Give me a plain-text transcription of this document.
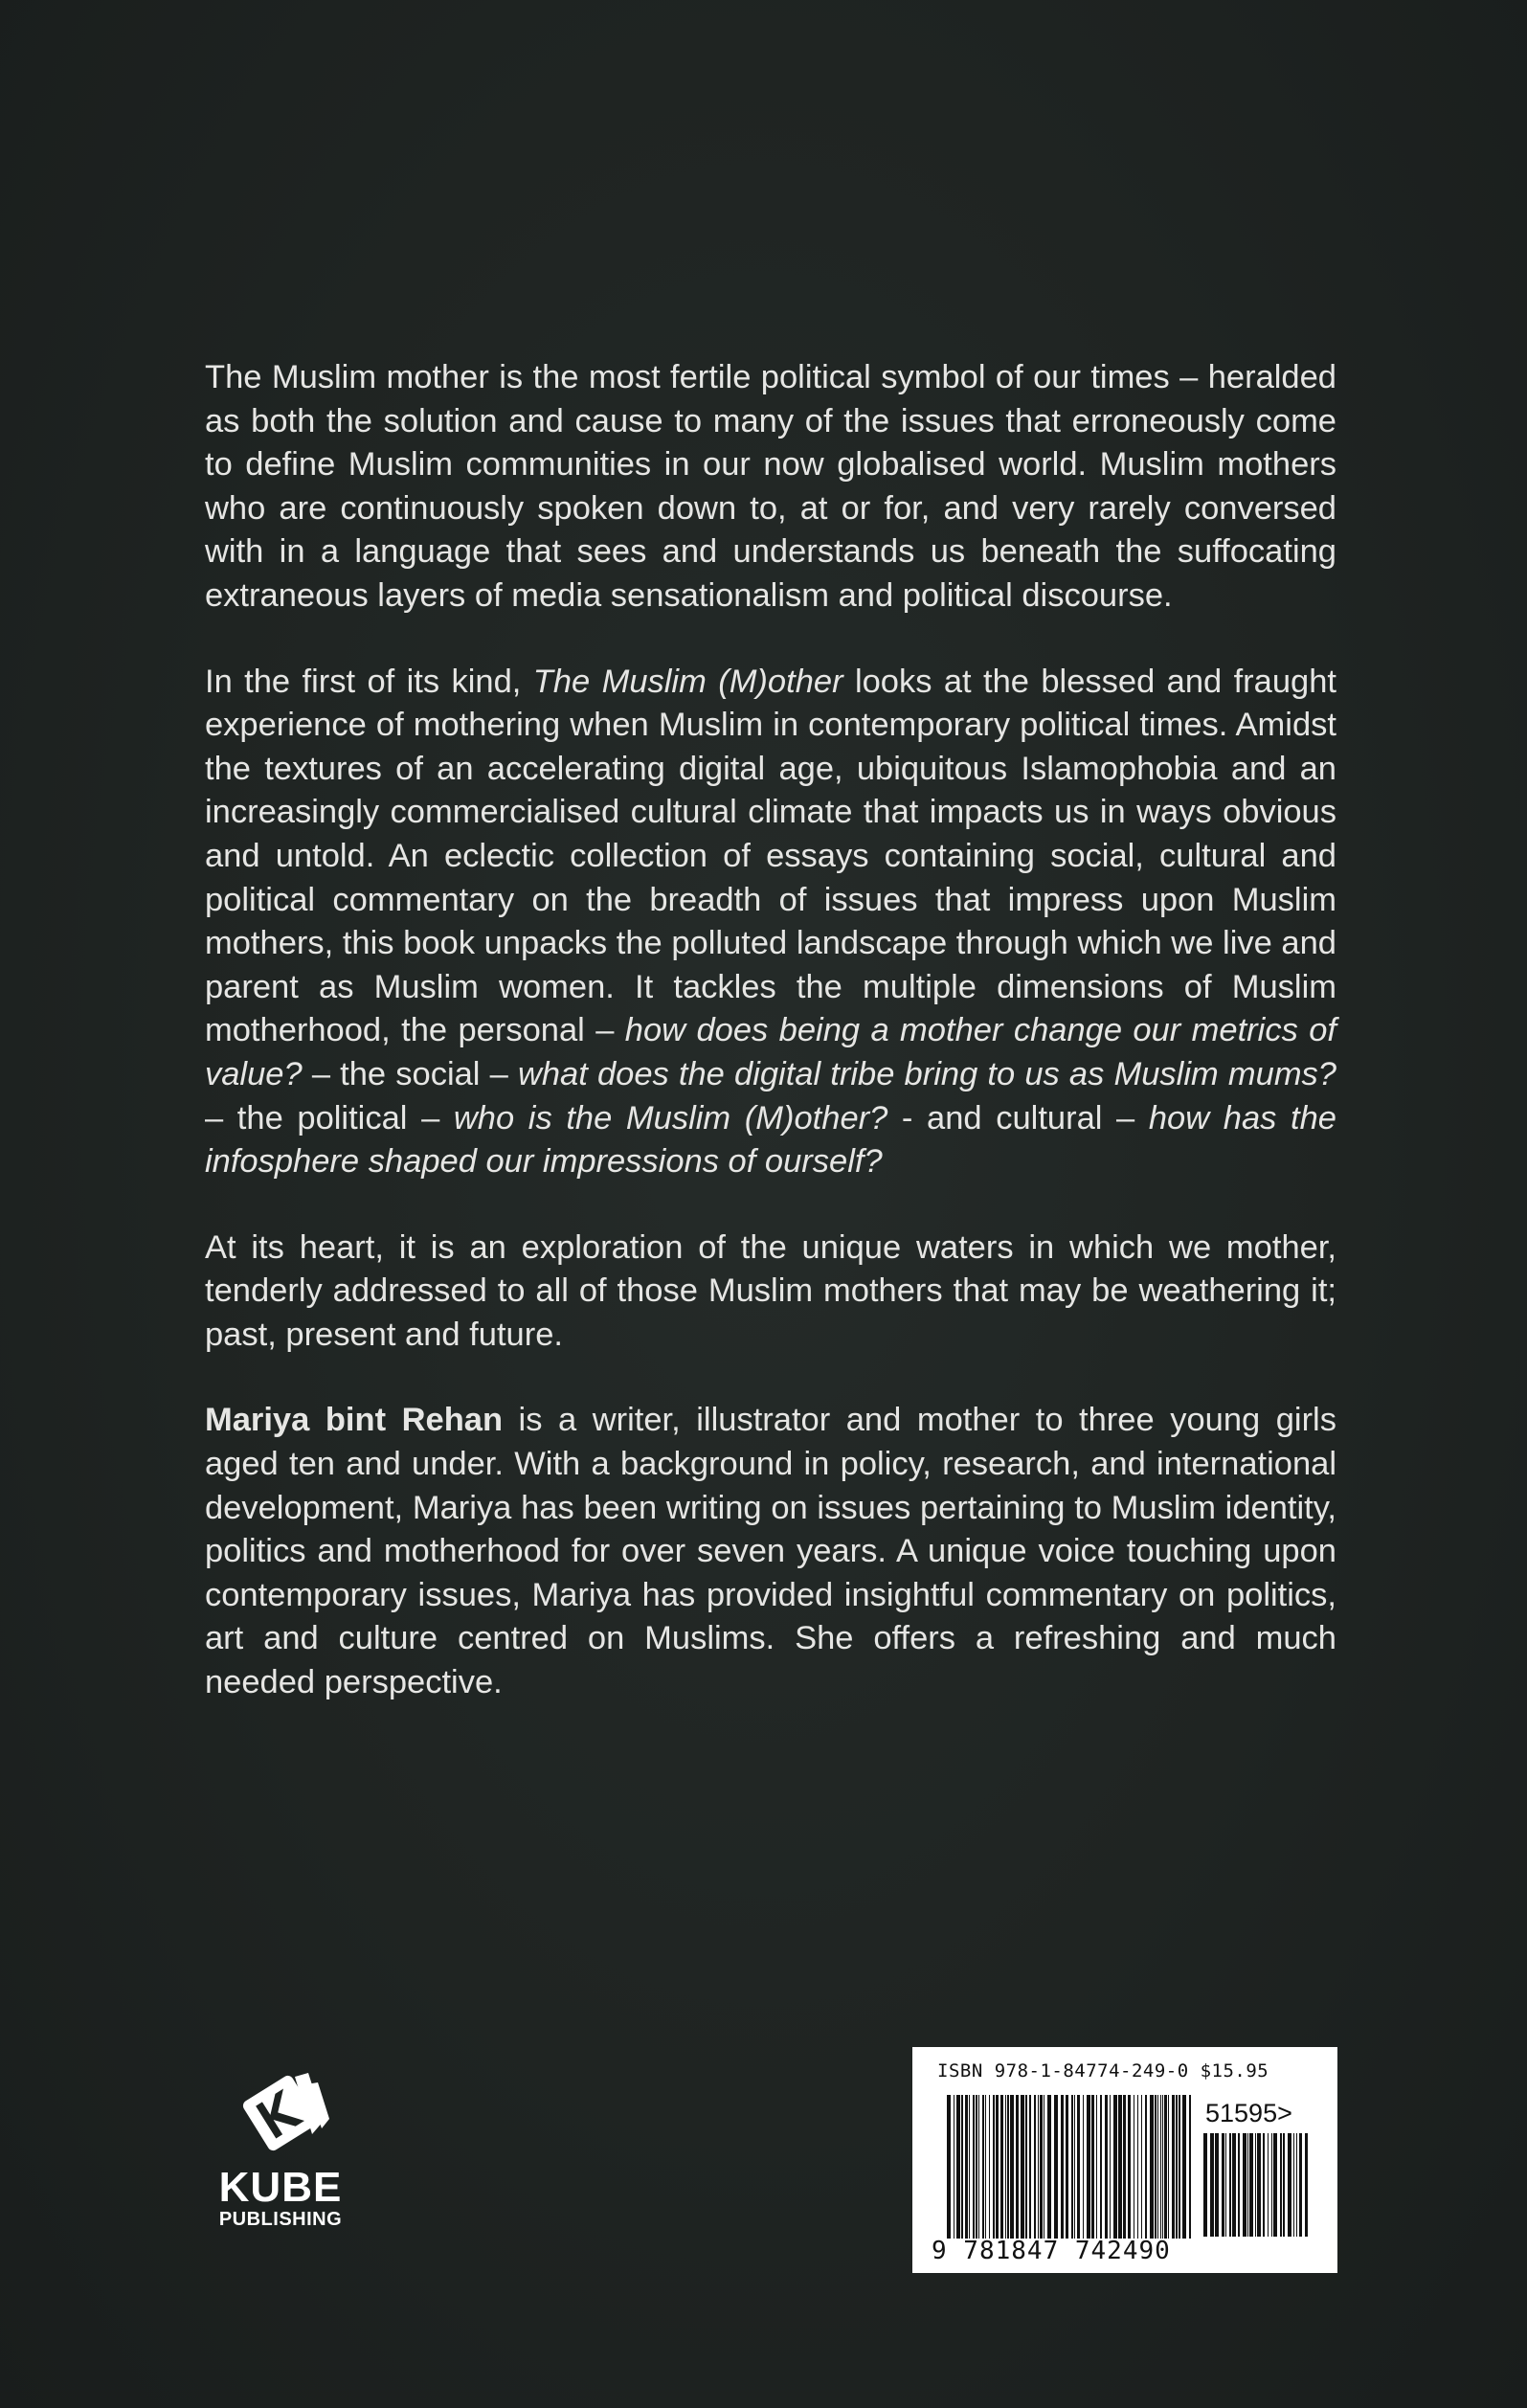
The Muslim mother is the most fertile political symbol of our times – heralded as both the solution and cause to many of the issues that erroneously come to define Muslim communities in our now globalised world. Muslim mothers who are continuously spoken down to, at or for, and very rarely conversed with in a language that sees and understands us beneath the suffocating extraneous layers of media sensationalism and political discourse.

In the first of its kind, The Muslim (M)other looks at the blessed and fraught experience of mothering when Muslim in contemporary political times. Amidst the textures of an accelerating digital age, ubiquitous Islamophobia and an increasingly commercialised cultural climate that impacts us in ways obvious and untold. An eclectic collection of essays containing social, cultural and political commentary on the breadth of issues that impress upon Muslim mothers, this book unpacks the polluted landscape through which we live and parent as Muslim women. It tackles the multiple dimensions of Muslim motherhood, the personal – how does being a mother change our metrics of value? – the social – what does the digital tribe bring to us as Muslim mums? – the political – who is the Muslim (M)other? - and cultural – how has the infosphere shaped our impressions of ourself?

At its heart, it is an exploration of the unique waters in which we mother, tenderly addressed to all of those Muslim mothers that may be weathering it; past, present and future.

Mariya bint Rehan is a writer, illustrator and mother to three young girls aged ten and under. With a background in policy, research, and international development, Mariya has been writing on issues pertaining to Muslim identity, politics and motherhood for over seven years. A unique voice touching upon contemporary issues, Mariya has provided insightful commentary on politics, art and culture centred on Muslims. She offers a refreshing and much needed perspective.

KUBE
PUBLISHING
ISBN 978-1-84774-249-0 $15.95
51595>
9 781847 742490
